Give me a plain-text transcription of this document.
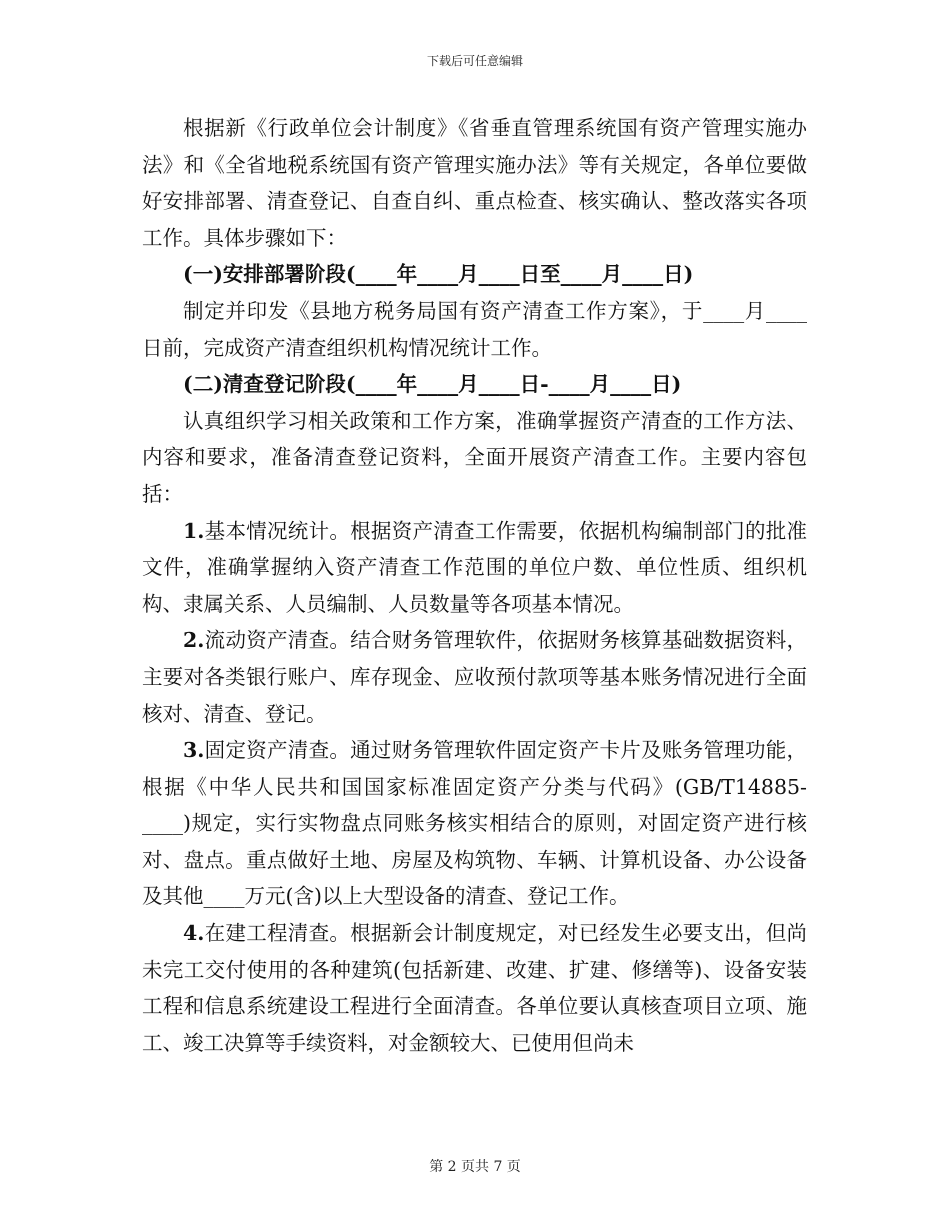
下载后可任意编辑

根据新《行政单位会计制度》《省垂直管理系统国有资产管理实施办法》和《全省地税系统国有资产管理实施办法》等有关规定，各单位要做好安排部署、清查登记、自查自纠、重点检查、核实确认、整改落实各项工作。具体步骤如下：

(一)安排部署阶段(____年____月____日至____月____日)

制定并印发《县地方税务局国有资产清查工作方案》，于____月____日前，完成资产清查组织机构情况统计工作。

(二)清查登记阶段(____年____月____日-____月____日)

认真组织学习相关政策和工作方案，准确掌握资产清查的工作方法、内容和要求，准备清查登记资料，全面开展资产清查工作。主要内容包括：

1.基本情况统计。根据资产清查工作需要，依据机构编制部门的批准文件，准确掌握纳入资产清查工作范围的单位户数、单位性质、组织机构、隶属关系、人员编制、人员数量等各项基本情况。

2.流动资产清查。结合财务管理软件，依据财务核算基础数据资料，主要对各类银行账户、库存现金、应收预付款项等基本账务情况进行全面核对、清查、登记。

3.固定资产清查。通过财务管理软件固定资产卡片及账务管理功能，根据《中华人民共和国国家标准固定资产分类与代码》(GB/T14885-____)规定，实行实物盘点同账务核实相结合的原则，对固定资产进行核对、盘点。重点做好土地、房屋及构筑物、车辆、计算机设备、办公设备及其他____万元(含)以上大型设备的清查、登记工作。

4.在建工程清查。根据新会计制度规定，对已经发生必要支出，但尚未完工交付使用的各种建筑(包括新建、改建、扩建、修缮等)、设备安装工程和信息系统建设工程进行全面清查。各单位要认真核查项目立项、施工、竣工决算等手续资料，对金额较大、已使用但尚未

第 2 页共 7 页
